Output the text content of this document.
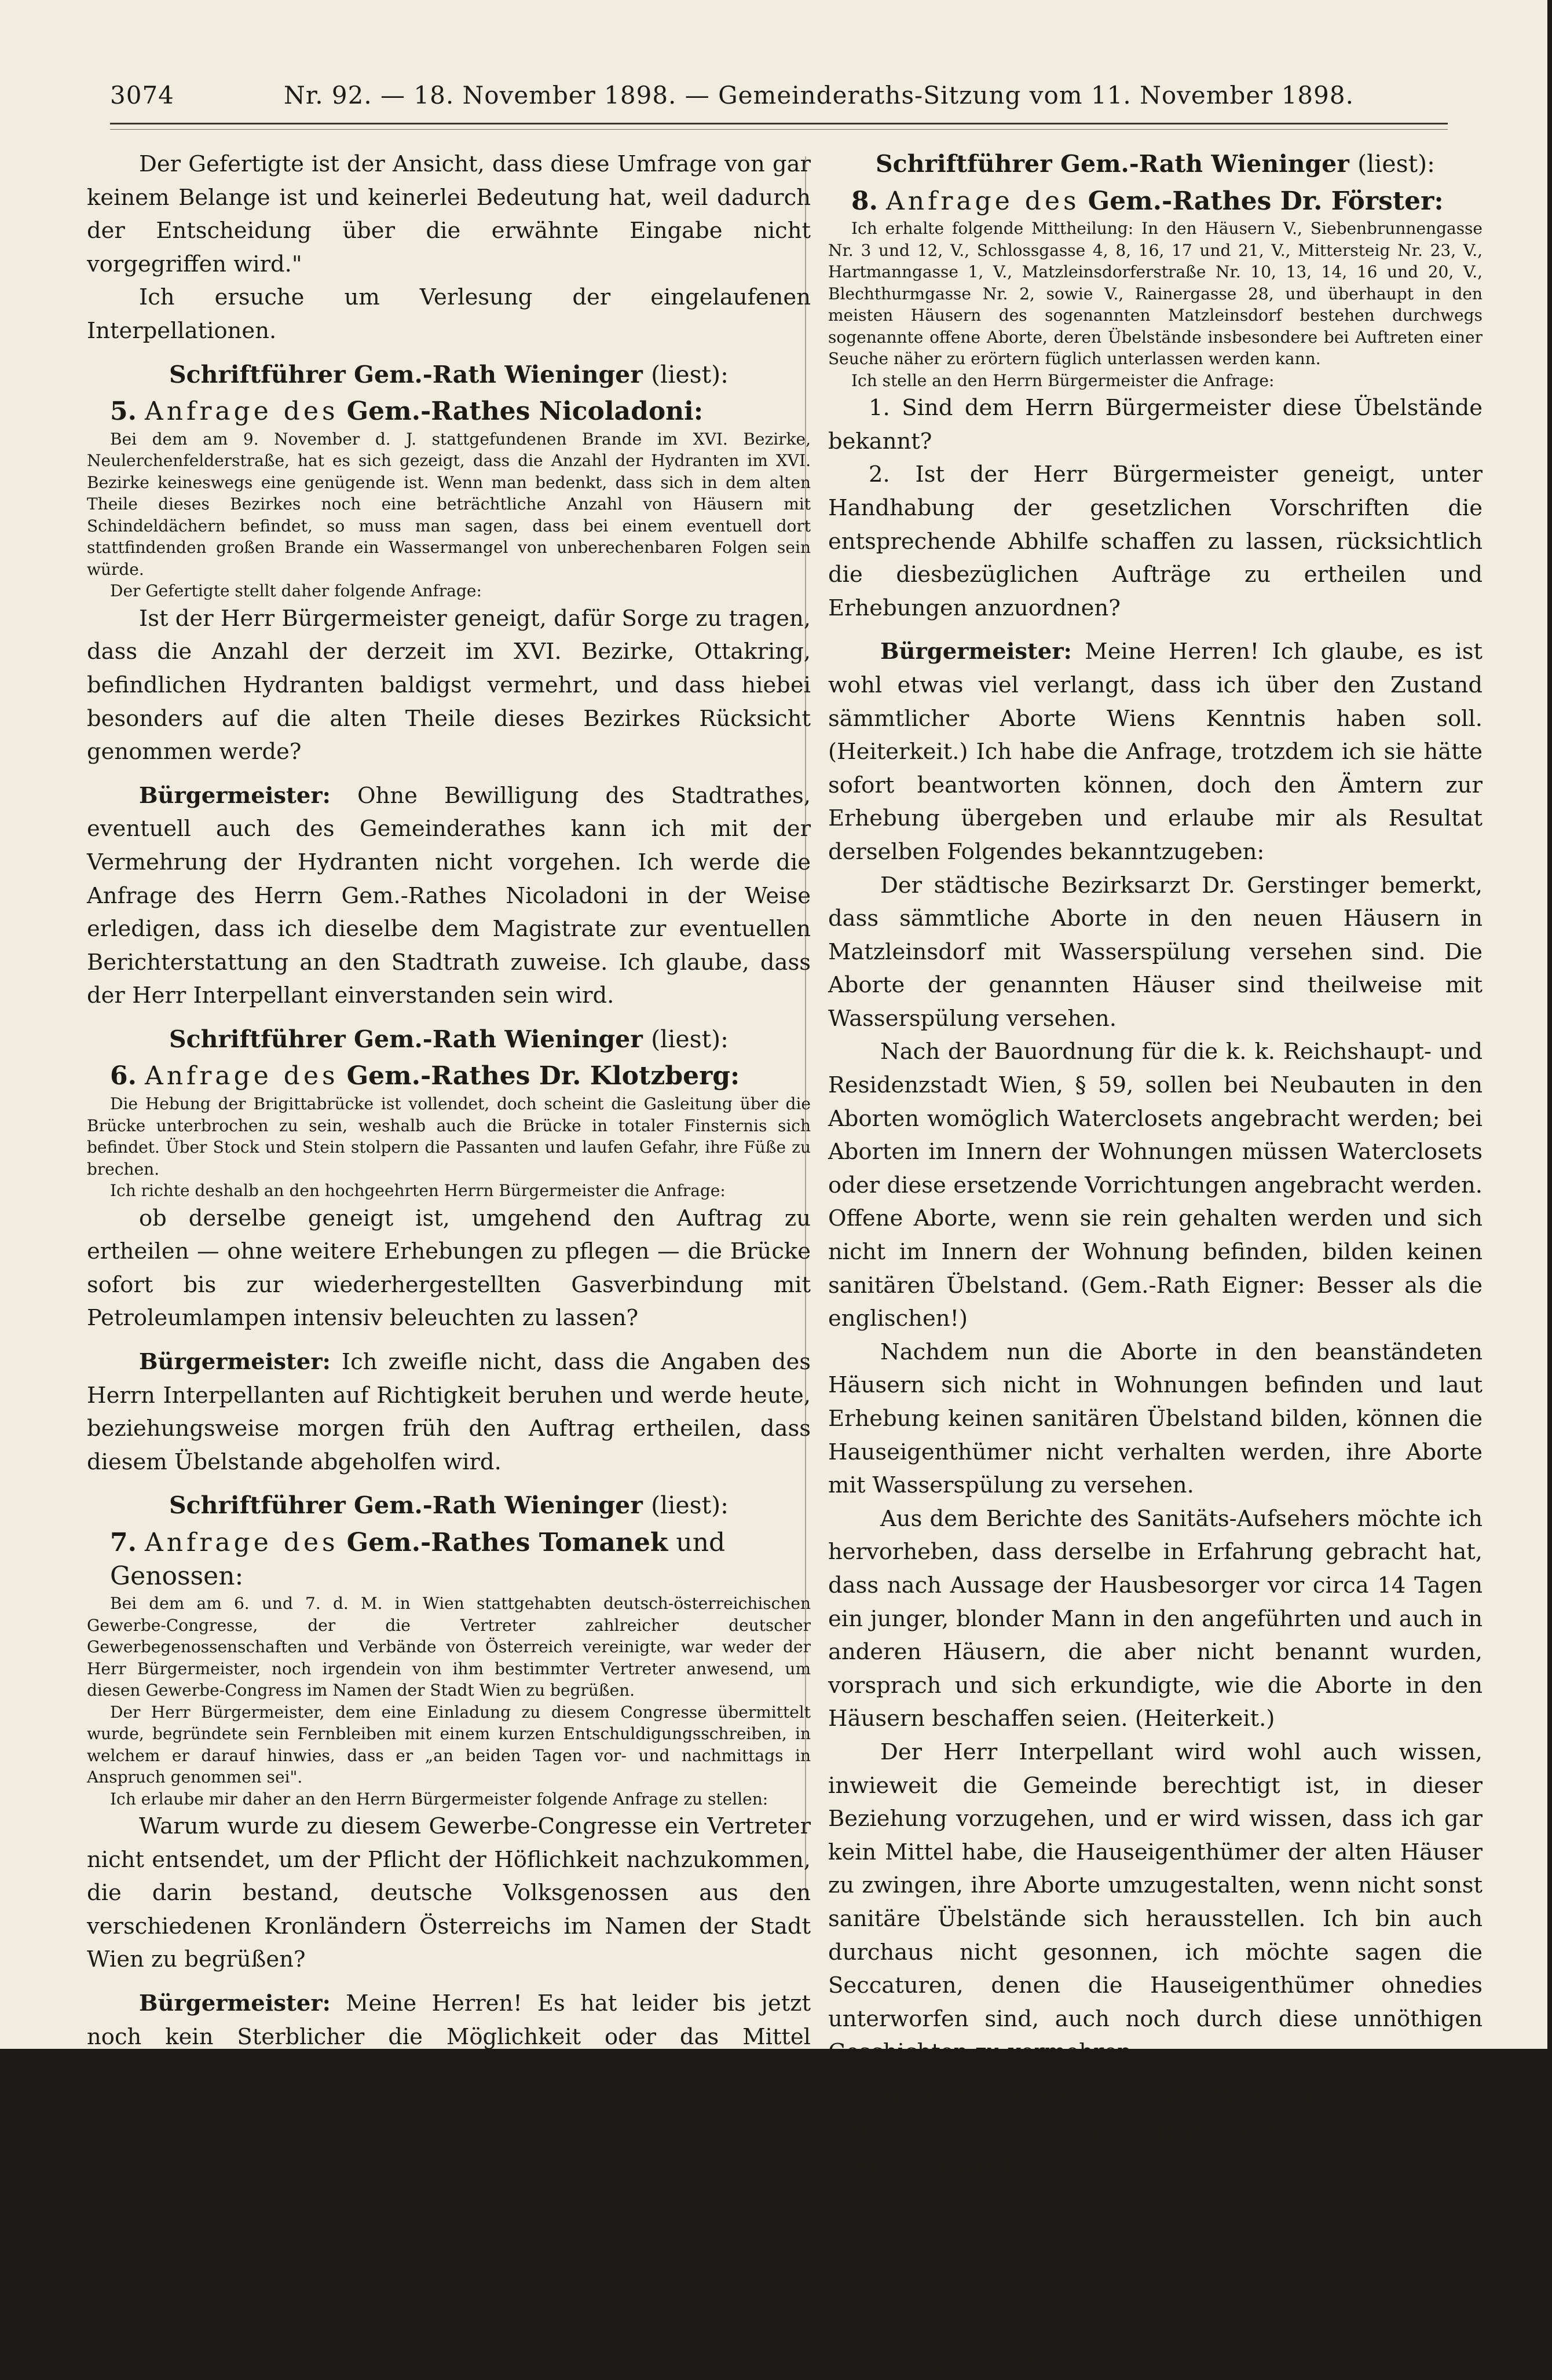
3074	Nr. 92. — 18. November 1898. — Gemeinderaths-Sitzung vom 11. November 1898.

Der Gefertigte ist der Ansicht, dass diese Umfrage von gar keinem Belange ist und keinerlei Bedeutung hat, weil dadurch der Entscheidung über die erwähnte Eingabe nicht vorgegriffen wird."

Ich ersuche um Verlesung der eingelaufenen Interpellationen.

Schriftführer Gem.-Rath Wieninger (liest):

5. Anfrage des Gem.-Rathes Nicoladoni:

Bei dem am 9. November d. J. stattgefundenen Brande im XVI. Bezirke, Neulerchenfelderstraße, hat es sich gezeigt, dass die Anzahl der Hydranten im XVI. Bezirke keineswegs eine genügende ist. Wenn man bedenkt, dass sich in dem alten Theile dieses Bezirkes noch eine beträchtliche Anzahl von Häusern mit Schindeldächern befindet, so muss man sagen, dass bei einem eventuell dort stattfindenden großen Brande ein Wassermangel von unberechenbaren Folgen sein würde.

Der Gefertigte stellt daher folgende Anfrage:

Ist der Herr Bürgermeister geneigt, dafür Sorge zu tragen, dass die Anzahl der derzeit im XVI. Bezirke, Ottakring, befindlichen Hydranten baldigst vermehrt, und dass hiebei besonders auf die alten Theile dieses Bezirkes Rücksicht genommen werde?

Bürgermeister: Ohne Bewilligung des Stadtrathes, eventuell auch des Gemeinderathes kann ich mit der Vermehrung der Hydranten nicht vorgehen. Ich werde die Anfrage des Herrn Gem.-Rathes Nicoladoni in der Weise erledigen, dass ich dieselbe dem Magistrate zur eventuellen Berichterstattung an den Stadtrath zuweise. Ich glaube, dass der Herr Interpellant einverstanden sein wird.

Schriftführer Gem.-Rath Wieninger (liest):

6. Anfrage des Gem.-Rathes Dr. Klotzberg:

Die Hebung der Brigittabrücke ist vollendet, doch scheint die Gasleitung über die Brücke unterbrochen zu sein, weshalb auch die Brücke in totaler Finsternis sich befindet. Über Stock und Stein stolpern die Passanten und laufen Gefahr, ihre Füße zu brechen.

Ich richte deshalb an den hochgeehrten Herrn Bürgermeister die Anfrage:

ob derselbe geneigt ist, umgehend den Auftrag zu ertheilen — ohne weitere Erhebungen zu pflegen — die Brücke sofort bis zur wiederhergestellten Gasverbindung mit Petroleumlampen intensiv beleuchten zu lassen?

Bürgermeister: Ich zweifle nicht, dass die Angaben des Herrn Interpellanten auf Richtigkeit beruhen und werde heute, beziehungsweise morgen früh den Auftrag ertheilen, dass diesem Übelstande abgeholfen wird.

Schriftführer Gem.-Rath Wieninger (liest):

7. Anfrage des Gem.-Rathes Tomanek und Genossen:

Bei dem am 6. und 7. d. M. in Wien stattgehabten deutsch-österreichischen Gewerbe-Congresse, der die Vertreter zahlreicher deutscher Gewerbegenossenschaften und Verbände von Österreich vereinigte, war weder der Herr Bürgermeister, noch irgendein von ihm bestimmter Vertreter anwesend, um diesen Gewerbe-Congress im Namen der Stadt Wien zu begrüßen.

Der Herr Bürgermeister, dem eine Einladung zu diesem Congresse übermittelt wurde, begründete sein Fernbleiben mit einem kurzen Entschuldigungsschreiben, in welchem er darauf hinwies, dass er „an beiden Tagen vor- und nachmittags in Anspruch genommen sei".

Ich erlaube mir daher an den Herrn Bürgermeister folgende Anfrage zu stellen:

Warum wurde zu diesem Gewerbe-Congresse ein Vertreter nicht entsendet, um der Pflicht der Höflichkeit nachzukommen, die darin bestand, deutsche Volksgenossen aus den verschiedenen Kronländern Österreichs im Namen der Stadt Wien zu begrüßen?

Bürgermeister: Meine Herren! Es hat leider bis jetzt noch kein Sterblicher die Möglichkeit oder das Mittel gefunden, dass man gleichzeitig an zwei verschiedenen Orten sein kann. Es bleibt daher nichts anderes übrig, als dass man sich dort, wo man nicht hingeht, höflich entschuldigt, und das habe ich auch in dem vorliegenden Falle gethan.

Schriftführer Gem.-Rath Wieninger (liest):

8. Anfrage des Gem.-Rathes Dr. Förster:

Ich erhalte folgende Mittheilung: In den Häusern V., Siebenbrunnengasse Nr. 3 und 12, V., Schlossgasse 4, 8, 16, 17 und 21, V., Mittersteig Nr. 23, V., Hartmanngasse 1, V., Matzleinsdorferstraße Nr. 10, 13, 14, 16 und 20, V., Blechthurmgasse Nr. 2, sowie V., Rainergasse 28, und überhaupt in den meisten Häusern des sogenannten Matzleinsdorf bestehen durchwegs sogenannte offene Aborte, deren Übelstände insbesondere bei Auftreten einer Seuche näher zu erörtern füglich unterlassen werden kann.

Ich stelle an den Herrn Bürgermeister die Anfrage:

1. Sind dem Herrn Bürgermeister diese Übelstände bekannt?

2. Ist der Herr Bürgermeister geneigt, unter Handhabung der gesetzlichen Vorschriften die entsprechende Abhilfe schaffen zu lassen, rücksichtlich die diesbezüglichen Aufträge zu ertheilen und Erhebungen anzuordnen?

Bürgermeister: Meine Herren! Ich glaube, es ist wohl etwas viel verlangt, dass ich über den Zustand sämmtlicher Aborte Wiens Kenntnis haben soll. (Heiterkeit.) Ich habe die Anfrage, trotzdem ich sie hätte sofort beantworten können, doch den Ämtern zur Erhebung übergeben und erlaube mir als Resultat derselben Folgendes bekanntzugeben:

Der städtische Bezirksarzt Dr. Gerstinger bemerkt, dass sämmtliche Aborte in den neuen Häusern in Matzleinsdorf mit Wasserspülung versehen sind. Die Aborte der genannten Häuser sind theilweise mit Wasserspülung versehen.

Nach der Bauordnung für die k. k. Reichshaupt- und Residenzstadt Wien, § 59, sollen bei Neubauten in den Aborten womöglich Waterclosets angebracht werden; bei Aborten im Innern der Wohnungen müssen Waterclosets oder diese ersetzende Vorrichtungen angebracht werden. Offene Aborte, wenn sie rein gehalten werden und sich nicht im Innern der Wohnung befinden, bilden keinen sanitären Übelstand. (Gem.-Rath Eigner: Besser als die englischen!)

Nachdem nun die Aborte in den beanständeten Häusern sich nicht in Wohnungen befinden und laut Erhebung keinen sanitären Übelstand bilden, können die Hauseigenthümer nicht verhalten werden, ihre Aborte mit Wasserspülung zu versehen.

Aus dem Berichte des Sanitäts-Aufsehers möchte ich hervorheben, dass derselbe in Erfahrung gebracht hat, dass nach Aussage der Hausbesorger vor circa 14 Tagen ein junger, blonder Mann in den angeführten und auch in anderen Häusern, die aber nicht benannt wurden, vorsprach und sich erkundigte, wie die Aborte in den Häusern beschaffen seien. (Heiterkeit.)

Der Herr Interpellant wird wohl auch wissen, inwieweit die Gemeinde berechtigt ist, in dieser Beziehung vorzugehen, und er wird wissen, dass ich gar kein Mittel habe, die Hauseigenthümer der alten Häuser zu zwingen, ihre Aborte umzugestalten, wenn nicht sonst sanitäre Übelstände sich herausstellen. Ich bin auch durchaus nicht gesonnen, ich möchte sagen die Seccaturen, denen die Hauseigenthümer ohnedies unterworfen sind, auch noch durch diese unnöthigen Geschichten zu vermehren.

Schriftführer Gem.-Rath Wieninger (liest):

9. Antrag des Gem.-Rathes Martin Schneeweiß und Genossen:

In der Sechskrügelgasse im III. Bezirke befindet sich auf der einen Seite die St. Rochuskirche auf der anderen Seite das Gemeindehaus, das magistratische Bezirksamt, der Armenrath und die Bürgerschule.

Ich erlaube mir daher den Antrag zu stellen:

Es sei die Sechskrügelgasse der ganzen Länge nach mit geräuschlosem Pflaster zu versehen.

Bürgermeister: An den Stadtrath.
